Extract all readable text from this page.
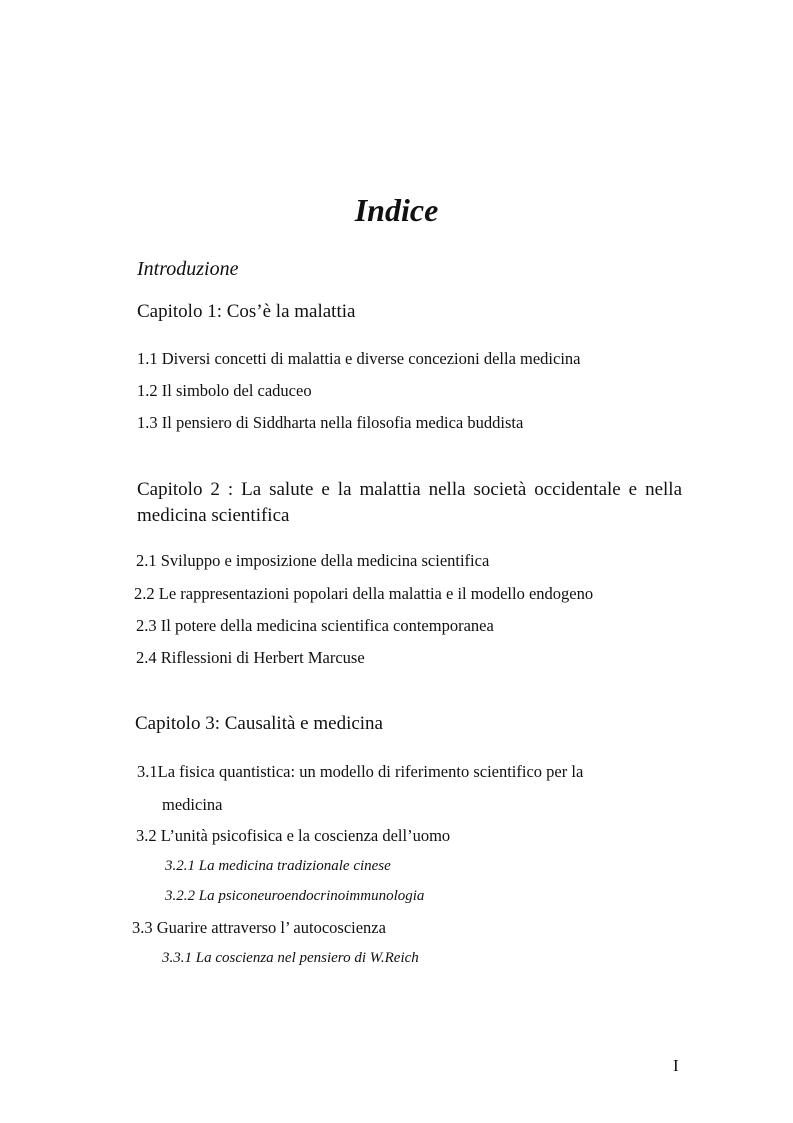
Indice
Introduzione
Capitolo 1: Cos’è la malattia
1.1 Diversi concetti di malattia e diverse concezioni della medicina
1.2 Il simbolo del caduceo
1.3 Il pensiero di Siddharta nella filosofia medica buddista
Capitolo 2 : La salute e la malattia nella società occidentale e nella medicina scientifica
2.1 Sviluppo e imposizione della medicina scientifica
2.2 Le rappresentazioni popolari della malattia e il modello endogeno
2.3 Il potere della medicina scientifica contemporanea
2.4 Riflessioni di Herbert Marcuse
Capitolo 3: Causalità e medicina
3.1La fisica quantistica: un modello di riferimento scientifico per la
medicina
3.2 L’unità psicofisica e la coscienza dell’uomo
3.2.1 La medicina tradizionale cinese
3.2.2 La psiconeuroendocrinoimmunologia
3.3 Guarire attraverso l’ autocoscienza
3.3.1 La coscienza nel pensiero di W.Reich
I
